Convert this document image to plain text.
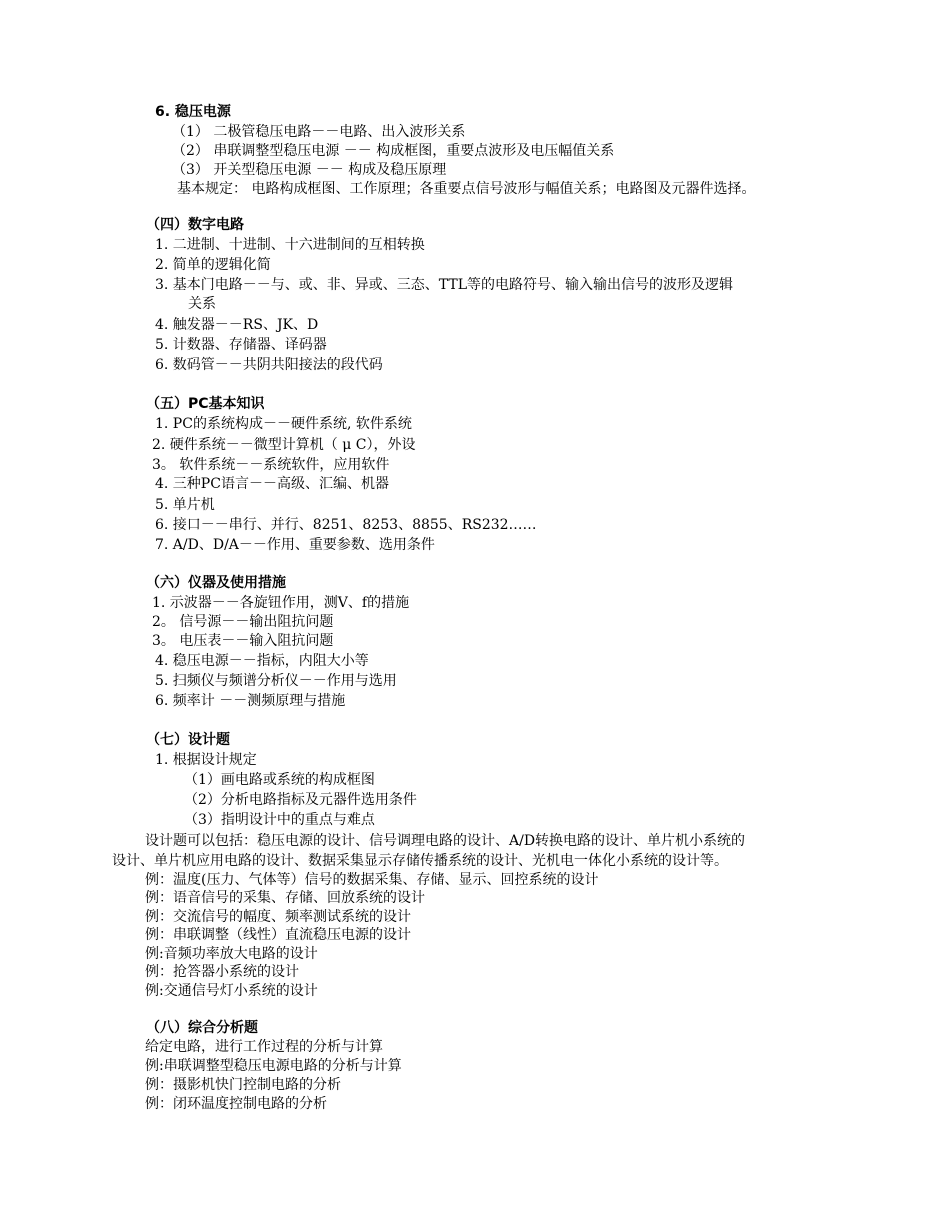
6. 稳压电源
（1） 二极管稳压电路－－电路、出入波形关系
（2） 串联调整型稳压电源 －－ 构成框图，重要点波形及电压幅值关系
（3） 开关型稳压电源 －－ 构成及稳压原理
基本规定： 电路构成框图、工作原理；各重要点信号波形与幅值关系；电路图及元器件选择。
（四）数字电路
1. 二进制、十进制、十六进制间的互相转换
2. 简单的逻辑化简
3. 基本门电路－－与、或、非、异或、三态、TTL等的电路符号、输入输出信号的波形及逻辑
关系
4. 触发器－－RS、JK、D
5. 计数器、存储器、译码器
6. 数码管－－共阴共阳接法的段代码
（五）PC基本知识
1. PC的系统构成－－硬件系统, 软件系统
2. 硬件系统－－微型计算机（ μ C），外设
3。 软件系统－－系统软件，应用软件
4. 三种PC语言－－高级、汇编、机器
5. 单片机
6. 接口－－串行、并行、8251、8253、8855、RS232……
7. A/D、D/A－－作用、重要参数、选用条件
（六）仪器及使用措施
1. 示波器－－各旋钮作用，测V、f的措施
2。 信号源－－输出阻抗问题
3。 电压表－－输入阻抗问题
4. 稳压电源－－指标，内阻大小等
5. 扫频仪与频谱分析仪－－作用与选用
6. 频率计 －－测频原理与措施
（七）设计题
1. 根据设计规定
（1）画电路或系统的构成框图
（2）分析电路指标及元器件选用条件
（3）指明设计中的重点与难点
设计题可以包括：稳压电源的设计、信号调理电路的设计、A/D转换电路的设计、单片机小系统的
设计、单片机应用电路的设计、数据采集显示存储传播系统的设计、光机电一体化小系统的设计等。
例：温度(压力、气体等）信号的数据采集、存储、显示、回控系统的设计
例：语音信号的采集、存储、回放系统的设计
例：交流信号的幅度、频率测试系统的设计
例：串联调整（线性）直流稳压电源的设计
例:音频功率放大电路的设计
例：抢答器小系统的设计
例:交通信号灯小系统的设计
（八）综合分析题
给定电路，进行工作过程的分析与计算
例:串联调整型稳压电源电路的分析与计算
例：摄影机快门控制电路的分析
例：闭环温度控制电路的分析
